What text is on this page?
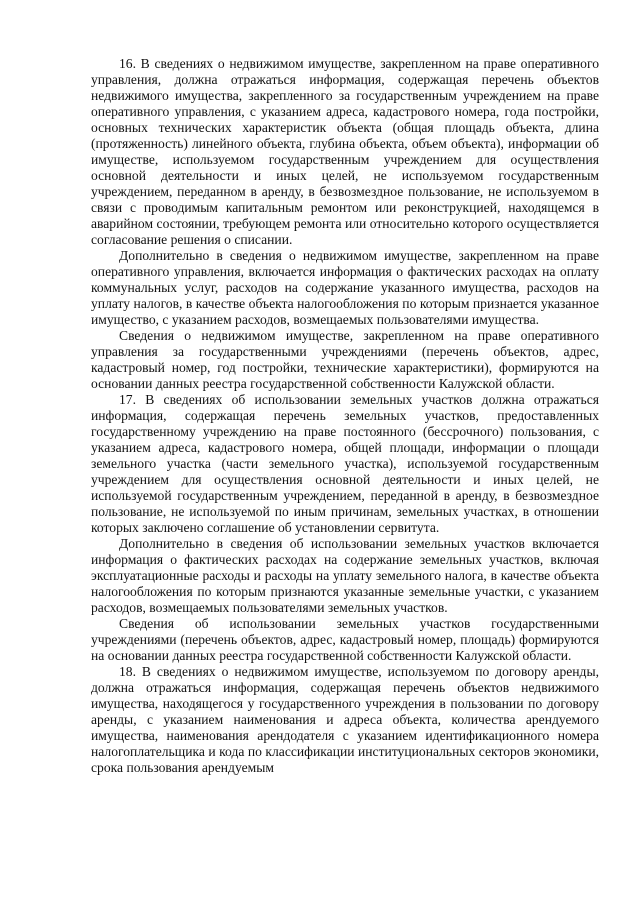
16. В сведениях о недвижимом имуществе, закрепленном на праве оперативного управления, должна отражаться информация, содержащая перечень объектов недвижимого имущества, закрепленного за государственным учреждением на праве оперативного управления, с указанием адреса, кадастрового номера, года постройки, основных технических характеристик объекта (общая площадь объекта, длина (протяженность) линейного объекта, глубина объекта, объем объекта), информации об имуществе, используемом государственным учреждением для осуществления основной деятельности и иных целей, не используемом государственным учреждением, переданном в аренду, в безвозмездное пользование, не используемом в связи с проводимым капитальным ремонтом или реконструкцией, находящемся в аварийном состоянии, требующем ремонта или относительно которого осуществляется согласование решения о списании.

Дополнительно в сведения о недвижимом имуществе, закрепленном на праве оперативного управления, включается информация о фактических расходах на оплату коммунальных услуг, расходов на содержание указанного имущества, расходов на уплату налогов, в качестве объекта налогообложения по которым признается указанное имущество, с указанием расходов, возмещаемых пользователями имущества.

Сведения о недвижимом имуществе, закрепленном на праве оперативного управления за государственными учреждениями (перечень объектов, адрес, кадастровый номер, год постройки, технические характеристики), формируются на основании данных реестра государственной собственности Калужской области.

17. В сведениях об использовании земельных участков должна отражаться информация, содержащая перечень земельных участков, предоставленных государственному учреждению на праве постоянного (бессрочного) пользования, с указанием адреса, кадастрового номера, общей площади, информации о площади земельного участка (части земельного участка), используемой государственным учреждением для осуществления основной деятельности и иных целей, не используемой государственным учреждением, переданной в аренду, в безвозмездное пользование, не используемой по иным причинам, земельных участках, в отношении которых заключено соглашение об установлении сервитута.

Дополнительно в сведения об использовании земельных участков включается информация о фактических расходах на содержание земельных участков, включая эксплуатационные расходы и расходы на уплату земельного налога, в качестве объекта налогообложения по которым признаются указанные земельные участки, с указанием расходов, возмещаемых пользователями земельных участков.

Сведения об использовании земельных участков государственными учреждениями (перечень объектов, адрес, кадастровый номер, площадь) формируются на основании данных реестра государственной собственности Калужской области.

18. В сведениях о недвижимом имуществе, используемом по договору аренды, должна отражаться информация, содержащая перечень объектов недвижимого имущества, находящегося у государственного учреждения в пользовании по договору аренды, с указанием наименования и адреса объекта, количества арендуемого имущества, наименования арендодателя с указанием идентификационного номера налогоплательщика и кода по классификации институциональных секторов экономики, срока пользования арендуемым
